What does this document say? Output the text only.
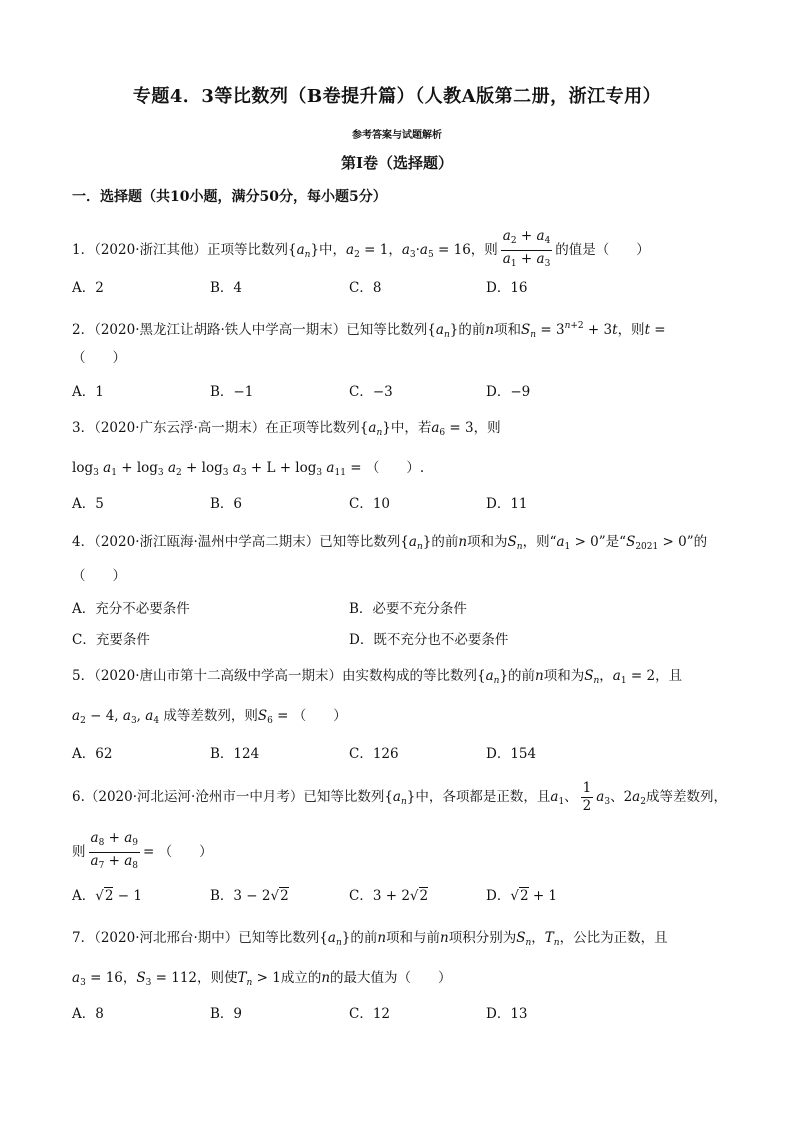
专题4．3等比数列（B卷提升篇）（人教A版第二册，浙江专用）
参考答案与试题解析
第Ⅰ卷（选择题）
一．选择题（共10小题，满分50分，每小题5分）
1．（2020·浙江其他）正项等比数列$\{a_n\}$中，$a_2 = 1$，$a_3\cdot a_5 = 16$，则 $\frac{a_2 + a_4}{a_1 + a_3}$ 的值是（　　）
A．2	B．4	C．8	D．16
2．（2020·黑龙江让胡路·铁人中学高一期末）已知等比数列$\{a_n\}$的前n项和$S_n = 3^{n+2} + 3t$，则t =
（　　）
A．1	B．−1	C．−3	D．−9
3．（2020·广东云浮·高一期末）在正项等比数列$\{a_n\}$中，若$a_6 = 3$，则
$\log_3 a_1 + \log_3 a_2 + \log_3 a_3 + L + \log_3 a_{11}$ = （　　）.
A．5	B．6	C．10	D．11
4．（2020·浙江瓯海·温州中学高二期末）已知等比数列$\{a_n\}$的前n项和为$S_n$，则“$a_1 > 0$”是“$S_{2021} > 0$”的
（　　）
A．充分不必要条件	B．必要不充分条件
C．充要条件	D．既不充分也不必要条件
5．（2020·唐山市第十二高级中学高一期末）由实数构成的等比数列$\{a_n\}$的前n项和为$S_n$，$a_1 = 2$，且
$a_2 - 4$, $a_3$, $a_4$ 成等差数列，则$S_6$ = （　　）
A．62	B．124	C．126	D．154
6.（2020·河北运河·沧州市一中月考）已知等比数列$\{a_n\}$中，各项都是正数，且$a_1$、 $\frac{1}{2} a_3$、$2a_2$成等差数列，
则 $\frac{a_8 + a_9}{a_7 + a_8}$ = （　　）
A．√2 − 1	B．3 − 2√2	C．3 + 2√2	D．√2 + 1
7．（2020·河北邢台·期中）已知等比数列$\{a_n\}$的前n项和与前n项积分别为$S_n$，$T_n$，公比为正数，且
$a_3 = 16$，$S_3 = 112$，则使$T_n > 1$成立的n的最大值为（　　）
A．8	B．9	C．12	D．13
